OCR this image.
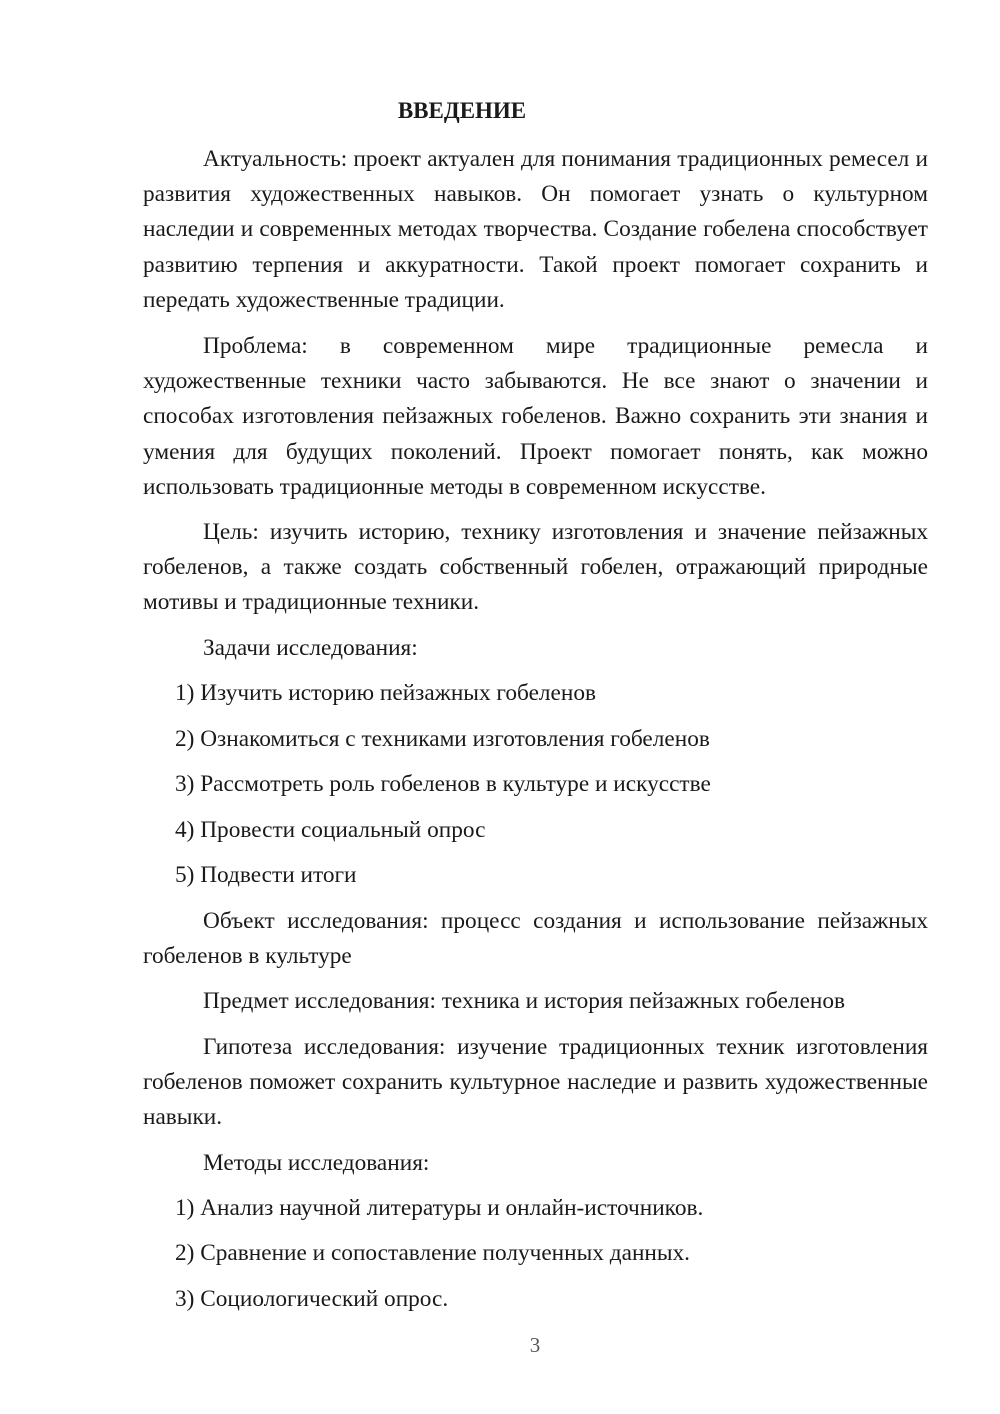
ВВЕДЕНИЕ

Актуальность: проект актуален для понимания традиционных ремесел и развития художественных навыков. Он помогает узнать о культурном наследии и современных методах творчества. Создание гобелена способствует развитию терпения и аккуратности. Такой проект помогает сохранить и передать художественные традиции.

Проблема: в современном мире традиционные ремесла и художественные техники часто забываются. Не все знают о значении и способах изготовления пейзажных гобеленов. Важно сохранить эти знания и умения для будущих поколений. Проект помогает понять, как можно использовать традиционные методы в современном искусстве.

Цель: изучить историю, технику изготовления и значение пейзажных гобеленов, а также создать собственный гобелен, отражающий природные мотивы и традиционные техники.

Задачи исследования:

1) Изучить историю пейзажных гобеленов

2) Ознакомиться с техниками изготовления гобеленов

3) Рассмотреть роль гобеленов в культуре и искусстве

4) Провести социальный опрос

5) Подвести итоги

Объект исследования: процесс создания и использование пейзажных гобеленов в культуре

Предмет исследования: техника и история пейзажных гобеленов

Гипотеза исследования: изучение традиционных техник изготовления гобеленов поможет сохранить культурное наследие и развить художественные навыки.

Методы исследования:

1) Анализ научной литературы и онлайн-источников.

2) Сравнение и сопоставление полученных данных.

3) Социологический опрос.

3
